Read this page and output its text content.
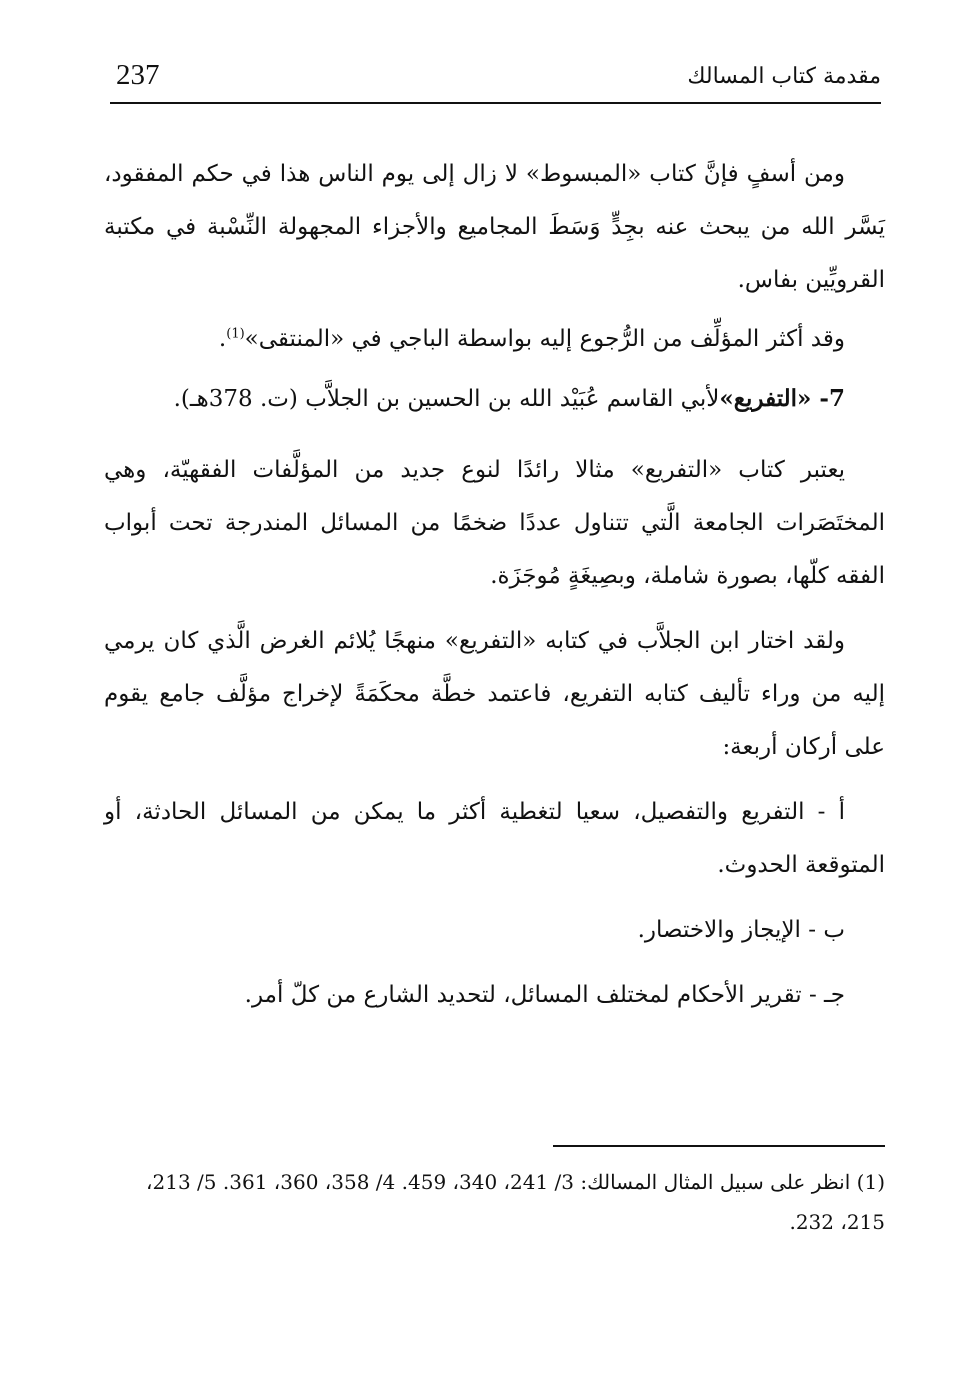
237	مقدمة كتاب المسالك

ومن أسفٍ فإنَّ كتاب «المبسوط» لا زال إلى يوم الناس هذا في حكم المفقود، يَسَّر الله من يبحث عنه بجِدٍّ وَسَطَ المجاميع والأجزاء المجهولة النِّسْبة في مكتبة القرويِّين بفاس.

وقد أكثر المؤلِّف من الرُّجوع إليه بواسطة الباجي في «المنتقى»$^{(1)}$.

7- «التفريع»لأبي القاسم عُبَيْد الله بن الحسين بن الجلاَّب (ت. 378هـ).

يعتبر كتاب «التفريع» مثالا رائدًا لنوع جديد من المؤلَّفات الفقهيّة، وهي المختَصَرات الجامعة الَّتي تتناول عددًا ضخمًا من المسائل المندرجة تحت أبواب الفقه كلّها، بصورة شاملة، وبصِيغَةٍ مُوجَزَة.

ولقد اختار ابن الجلاَّب في كتابه «التفريع» منهجًا يُلائم الغرض الَّذي كان يرمي إليه من وراء تأليف كتابه التفريع، فاعتمد خطَّة محكَمَةً لإخراج مؤلَّف جامع يقوم على أركان أربعة:

أ - التفريع والتفصيل، سعيا لتغطية أكثر ما يمكن من المسائل الحادثة، أو المتوقعة الحدوث.

ب - الإيجاز والاختصار.

جـ - تقرير الأحكام لمختلف المسائل، لتحديد الشارع من كلّ أمر.

(1) انظر على سبيل المثال المسالك: 3/ 241، 340، 459. 4/ 358، 360، 361. 5/ 213، 215، 232.
